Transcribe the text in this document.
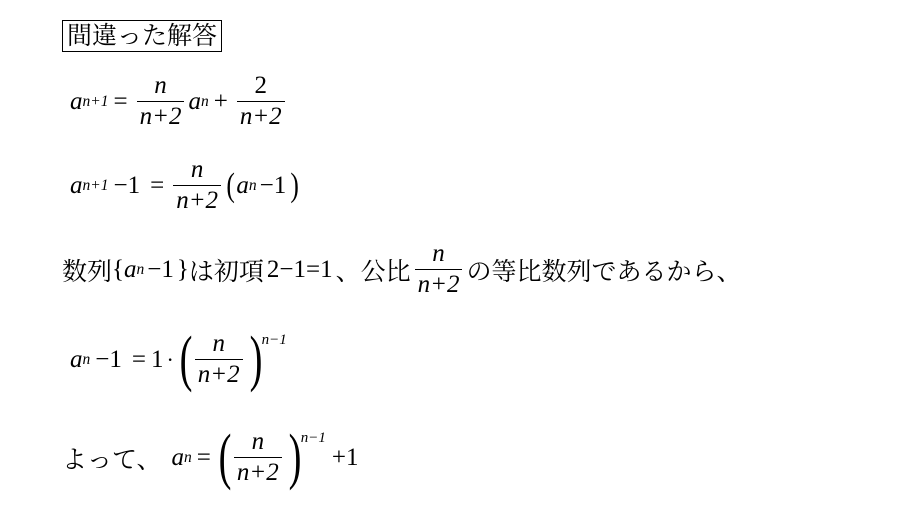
間違った解答
a $n+1 = \frac{n}{n+2}$ a $n + \frac{2}{n+2}$
a $n+1 -1 = \frac{n}{n+2}$ ( a n −1 )
数列 { a n −1 } は初項 2−1=1 、公比 $\frac{n}{n+2}$ の等比数列であるから、
a n −1 = 1 · ( $\frac{n}{n+2}$ ) n−1
よって、 a n = ( $\frac{n}{n+2}$ ) n−1
+1
